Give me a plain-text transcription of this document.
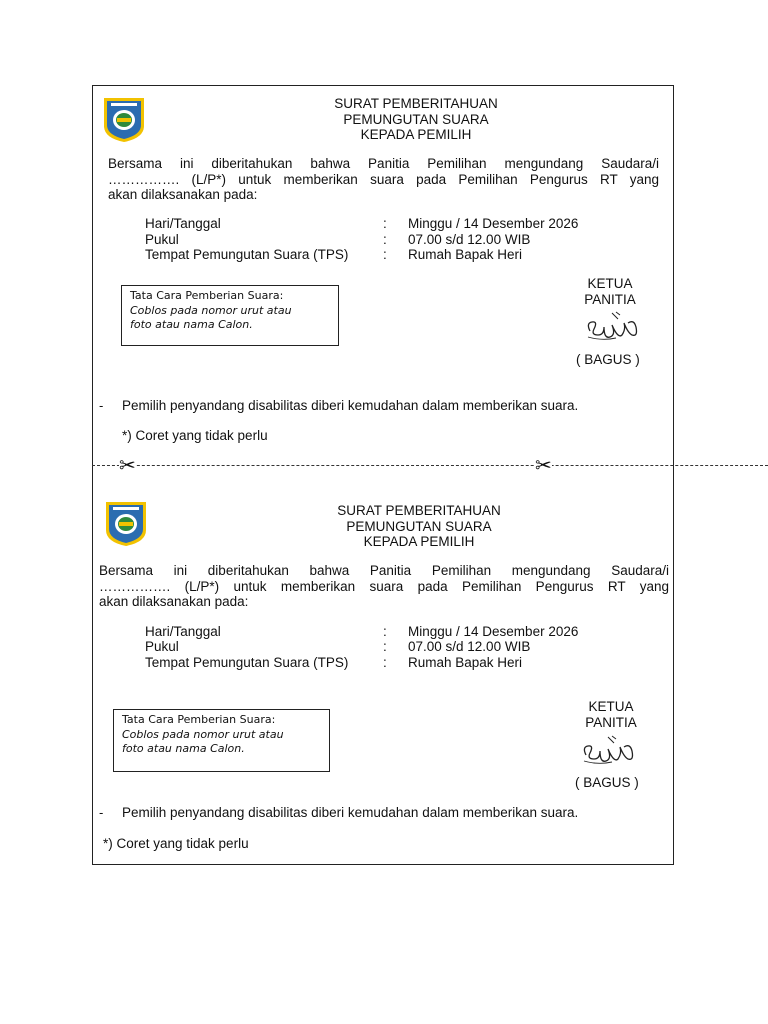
SURAT PEMBERITAHUAN
PEMUNGUTAN SUARA
KEPADA PEMILIH
Bersama ini diberitahukan bahwa Panitia Pemilihan mengundang Saudara/i
……………. (L/P*) untuk memberikan suara pada Pemilihan Pengurus RT yang
akan dilaksanakan pada:
Hari/Tanggal	: Minggu / 14 Desember 2026
Pukul	: 07.00 s/d 12.00 WIB
Tempat Pemungutan Suara (TPS)	: Rumah Bapak Heri
Tata Cara Pemberian Suara:
Coblos pada nomor urut atau
foto atau nama Calon.
KETUA
PANITIA
( BAGUS )
- Pemilih penyandang disabilitas diberi kemudahan dalam memberikan suara.
*) Coret yang tidak perlu
✂	✂
SURAT PEMBERITAHUAN
PEMUNGUTAN SUARA
KEPADA PEMILIH
Bersama ini diberitahukan bahwa Panitia Pemilihan mengundang Saudara/i
……………. (L/P*) untuk memberikan suara pada Pemilihan Pengurus RT yang
akan dilaksanakan pada:
Hari/Tanggal	: Minggu / 14 Desember 2026
Pukul	: 07.00 s/d 12.00 WIB
Tempat Pemungutan Suara (TPS)	: Rumah Bapak Heri
Tata Cara Pemberian Suara:
Coblos pada nomor urut atau
foto atau nama Calon.
KETUA
PANITIA
( BAGUS )
- Pemilih penyandang disabilitas diberi kemudahan dalam memberikan suara.
*) Coret yang tidak perlu
